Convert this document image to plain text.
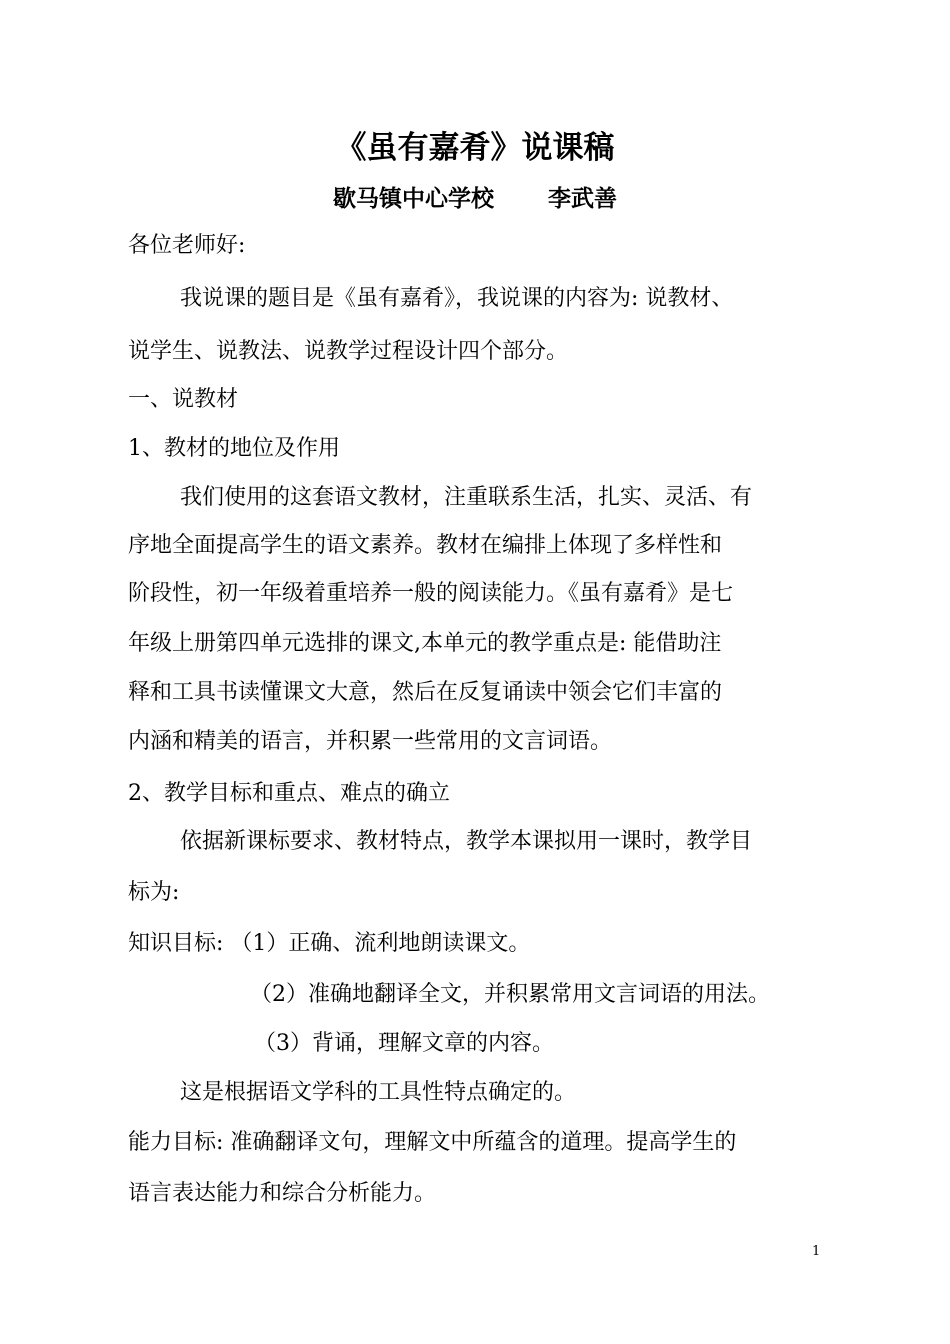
《虽有嘉肴》说课稿
歇马镇中心学校 李武善
各位老师好:
我说课的题目是《虽有嘉肴》，我说课的内容为: 说教材、
说学生、说教法、说教学过程设计四个部分。
一、说教材
1、教材的地位及作用
我们使用的这套语文教材，注重联系生活，扎实、灵活、有
序地全面提高学生的语文素养。教材在编排上体现了多样性和
阶段性，初一年级着重培养一般的阅读能力。《虽有嘉肴》是七
年级上册第四单元选排的课文,本单元的教学重点是: 能借助注
释和工具书读懂课文大意，然后在反复诵读中领会它们丰富的
内涵和精美的语言，并积累一些常用的文言词语。
2、教学目标和重点、难点的确立
依据新课标要求、教材特点，教学本课拟用一课时，教学目
标为:
知识目标: （1）正确、流利地朗读课文。
（2）准确地翻译全文，并积累常用文言词语的用法。
（3）背诵，理解文章的内容。
这是根据语文学科的工具性特点确定的。
能力目标: 准确翻译文句，理解文中所蕴含的道理。提高学生的
语言表达能力和综合分析能力。
1
